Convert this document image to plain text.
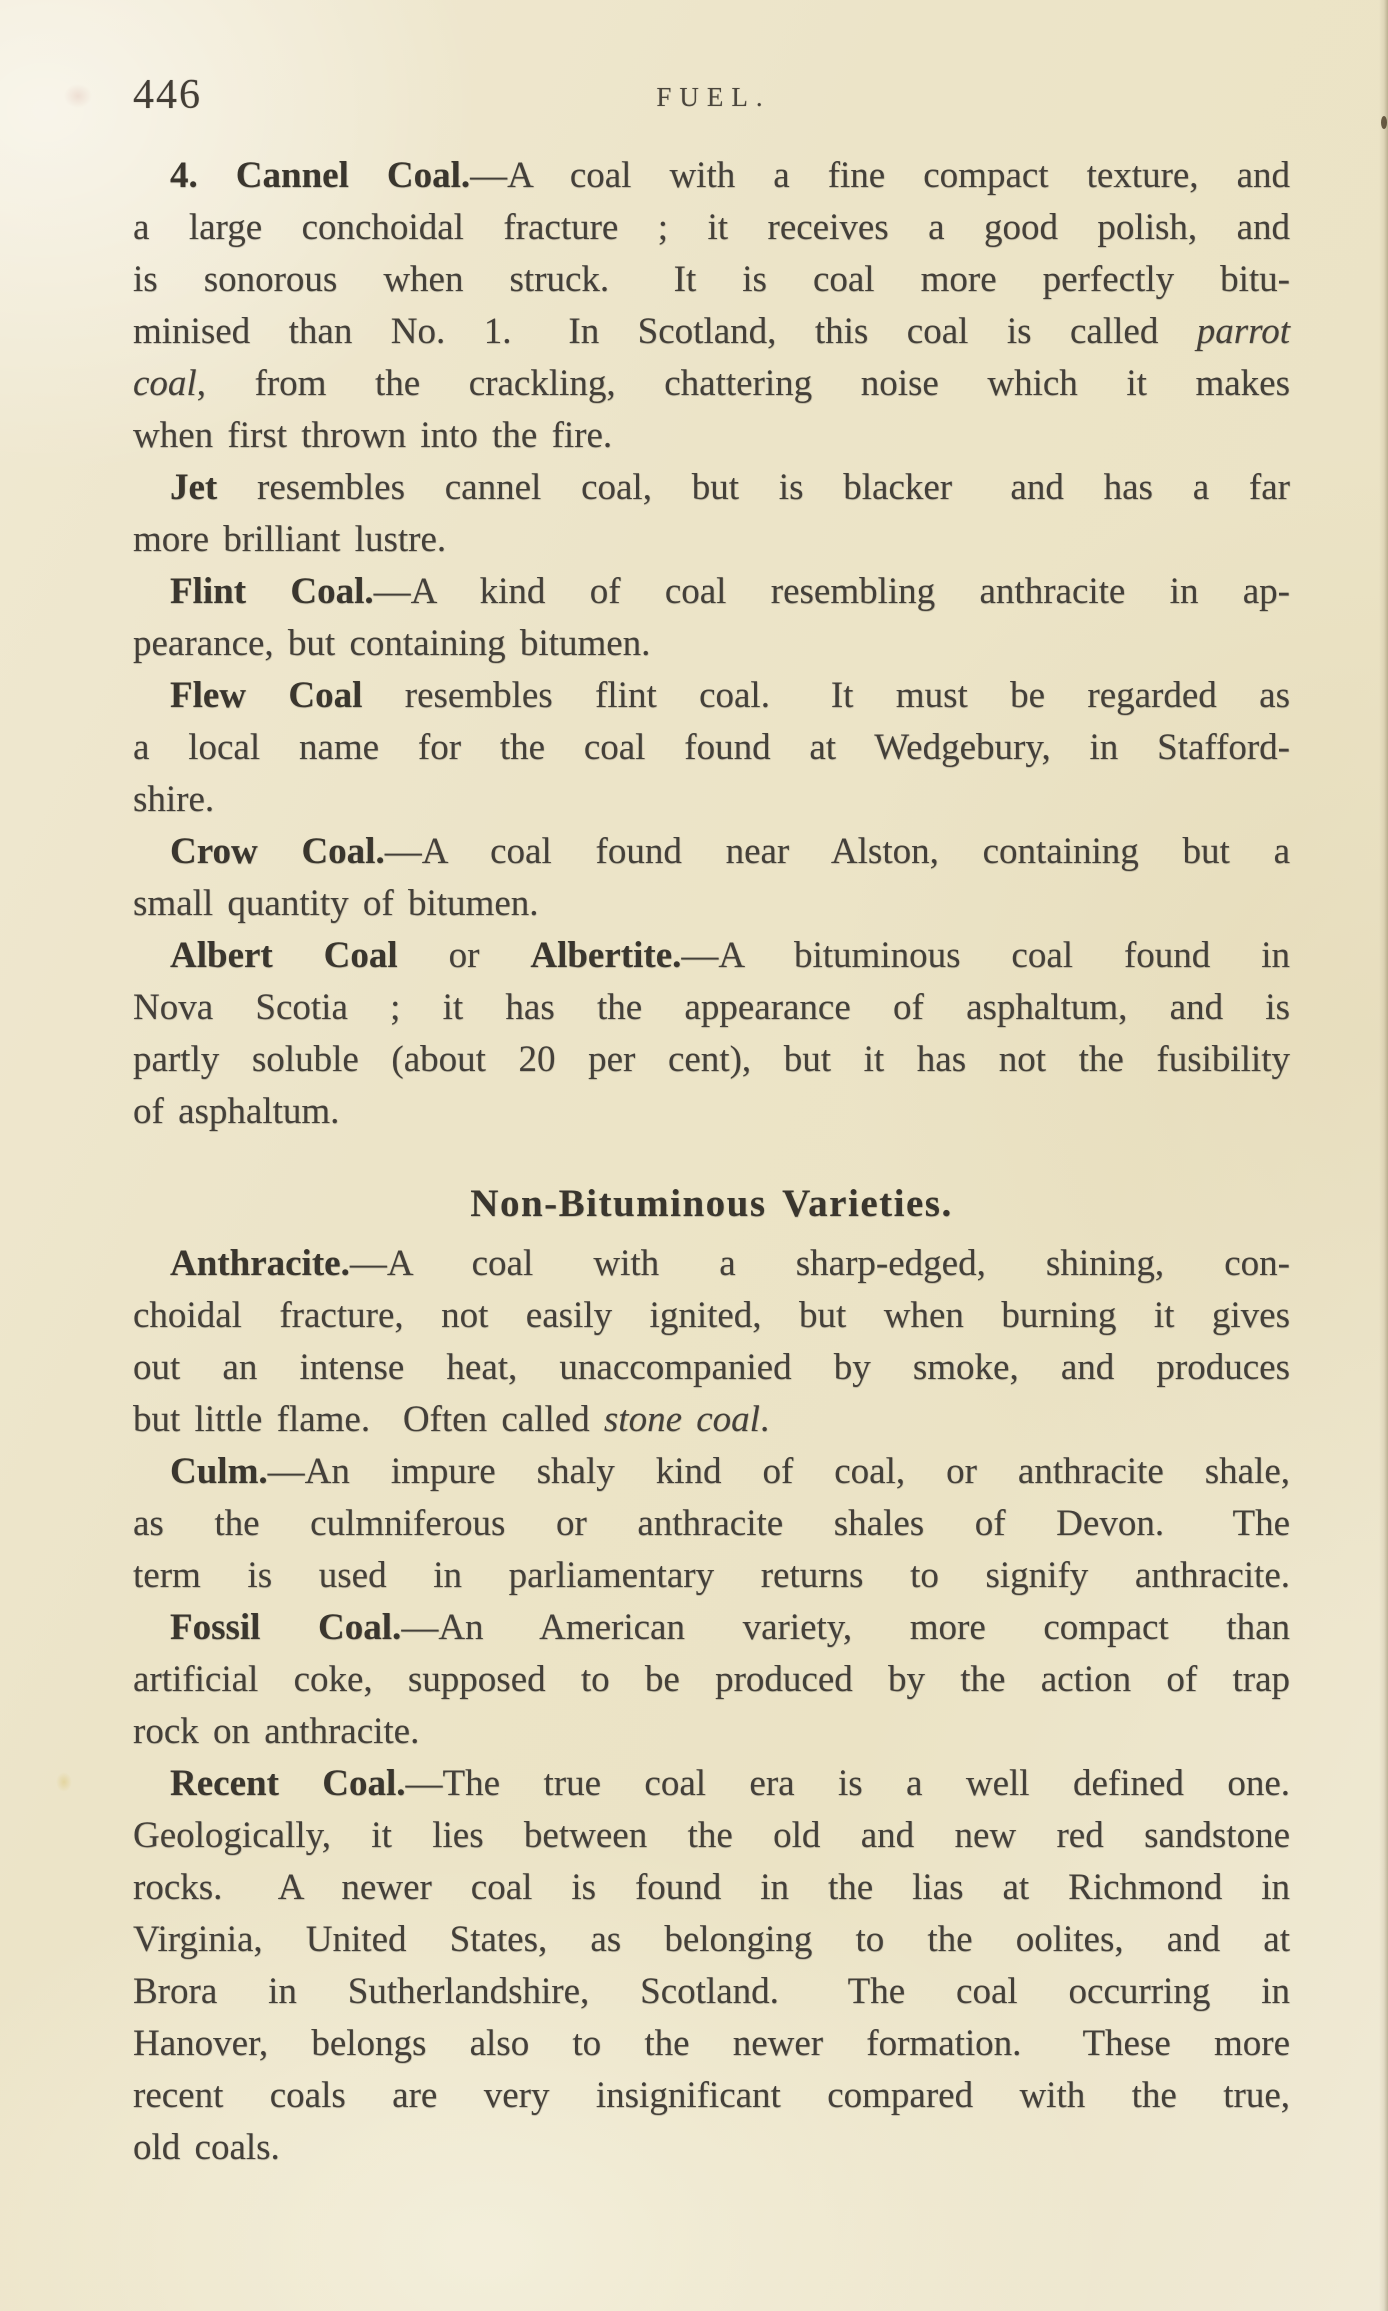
446	FUEL.
4. Cannel Coal.—A coal with a fine compact texture, and
a large conchoidal fracture ; it receives a good polish, and
is sonorous when struck.  It is coal more perfectly bitu-
minised than No. 1.  In Scotland, this coal is called parrot
coal, from the crackling, chattering noise which it makes
when first thrown into the fire.
Jet resembles cannel coal, but is blacker  and has a far
more brilliant lustre.
Flint Coal.—A kind of coal resembling anthracite in ap-
pearance, but containing bitumen.
Flew Coal resembles flint coal.  It must be regarded as
a local name for the coal found at Wedgebury, in Stafford-
shire.
Crow Coal.—A coal found near Alston, containing but a
small quantity of bitumen.
Albert Coal or Albertite.—A bituminous coal found in
Nova Scotia ; it has the appearance of asphaltum, and is
partly soluble (about 20 per cent), but it has not the fusibility
of asphaltum.
Non-Bituminous Varieties.
Anthracite.—A coal with a sharp-edged, shining, con-
choidal fracture, not easily ignited, but when burning it gives
out an intense heat, unaccompanied by smoke, and produces
but little flame.  Often called stone coal.
Culm.—An impure shaly kind of coal, or anthracite shale,
as the culmniferous or anthracite shales of Devon.  The
term is used in parliamentary returns to signify anthracite.
Fossil Coal.—An American variety, more compact than
artificial coke, supposed to be produced by the action of trap
rock on anthracite.
Recent Coal.—The true coal era is a well defined one.
Geologically, it lies between the old and new red sandstone
rocks.  A newer coal is found in the lias at Richmond in
Virginia, United States, as belonging to the oolites, and at
Brora in Sutherlandshire, Scotland.  The coal occurring in
Hanover, belongs also to the newer formation.  These more
recent coals are very insignificant compared with the true,
old coals.
